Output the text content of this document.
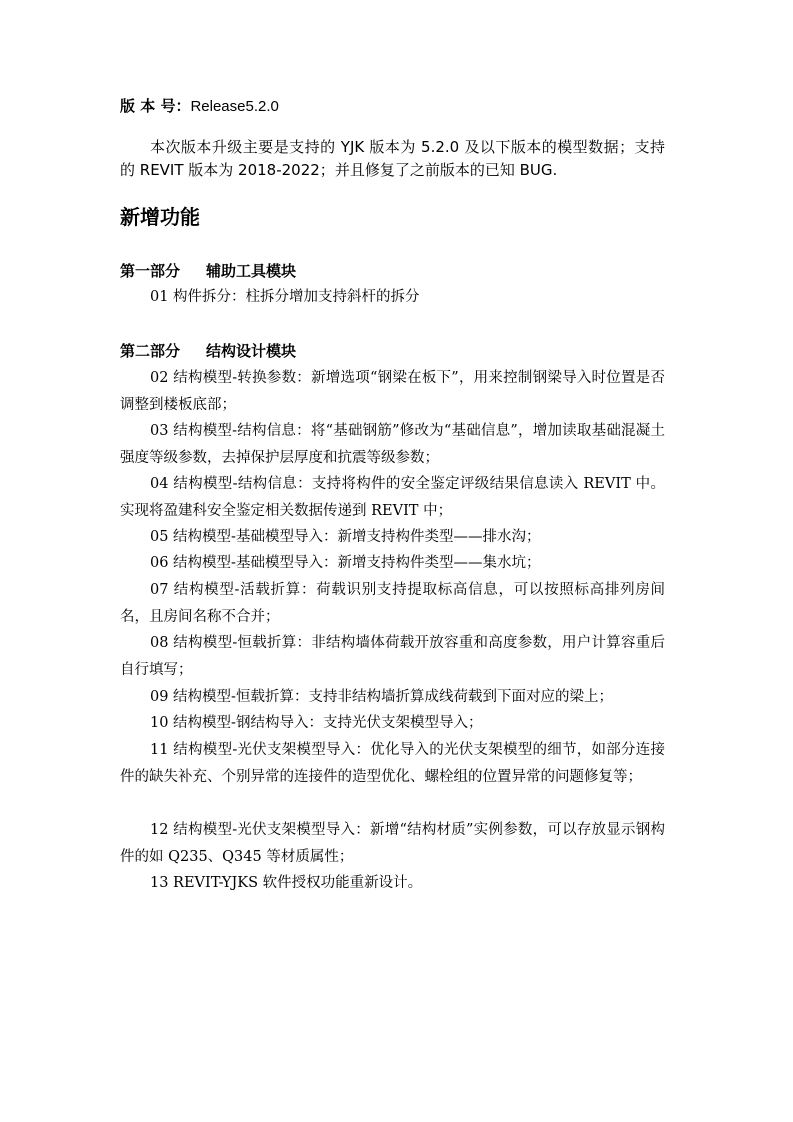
版 本 号：Release5.2.0

本次版本升级主要是支持的 YJK 版本为 5.2.0 及以下版本的模型数据；支持的 REVIT 版本为 2018-2022；并且修复了之前版本的已知 BUG.

新增功能
第一部分 辅助工具模块

01 构件拆分：柱拆分增加支持斜杆的拆分

第二部分 结构设计模块

02 结构模型-转换参数：新增选项“钢梁在板下”，用来控制钢梁导入时位置是否调整到楼板底部；

03 结构模型-结构信息：将“基础钢筋”修改为“基础信息”，增加读取基础混凝土强度等级参数，去掉保护层厚度和抗震等级参数；

04 结构模型-结构信息：支持将构件的安全鉴定评级结果信息读入 REVIT 中。实现将盈建科安全鉴定相关数据传递到 REVIT 中；

05 结构模型-基础模型导入：新增支持构件类型——排水沟；

06 结构模型-基础模型导入：新增支持构件类型——集水坑；

07 结构模型-活载折算：荷载识别支持提取标高信息，可以按照标高排列房间名，且房间名称不合并；

08 结构模型-恒载折算：非结构墙体荷载开放容重和高度参数，用户计算容重后自行填写；

09 结构模型-恒载折算：支持非结构墙折算成线荷载到下面对应的梁上；

10 结构模型-钢结构导入：支持光伏支架模型导入；

11 结构模型-光伏支架模型导入：优化导入的光伏支架模型的细节，如部分连接件的缺失补充、个别异常的连接件的造型优化、螺栓组的位置异常的问题修复等；

12 结构模型-光伏支架模型导入：新增“结构材质”实例参数，可以存放显示钢构件的如 Q235、Q345 等材质属性；

13 REVIT-YJKS 软件授权功能重新设计。
